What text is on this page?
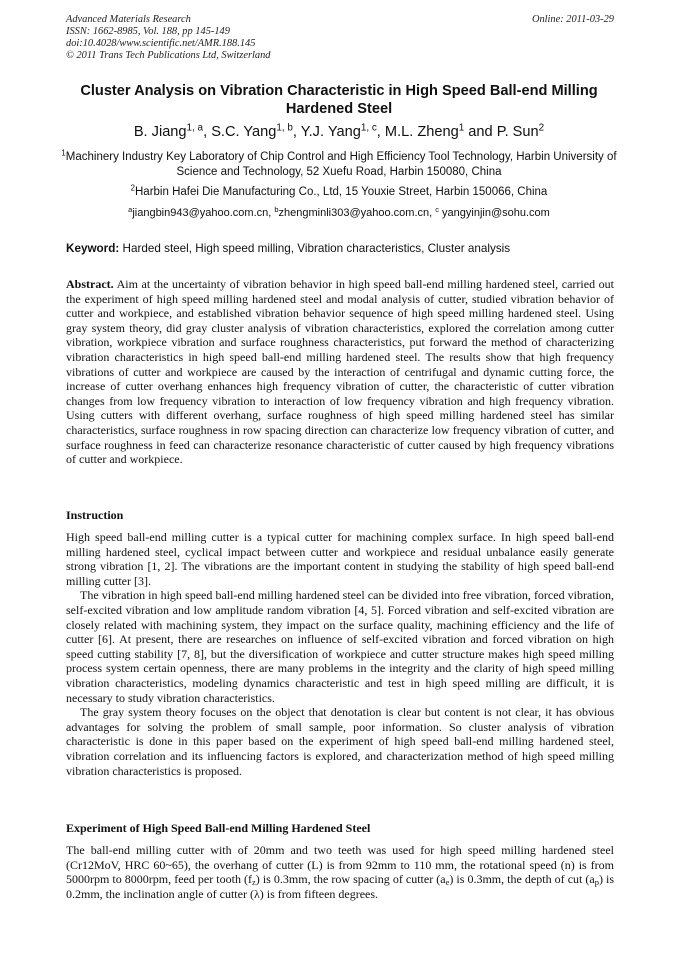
Advanced Materials Research
ISSN: 1662-8985, Vol. 188, pp 145-149
doi:10.4028/www.scientific.net/AMR.188.145
© 2011 Trans Tech Publications Ltd, Switzerland
Online: 2011-03-29
Cluster Analysis on Vibration Characteristic in High Speed Ball-end Milling Hardened Steel
B. Jiang$^{1, a}$, S.C. Yang$^{1, b}$, Y.J. Yang$^{1, c}$, M.L. Zheng$^1$ and P. Sun$^2$
$^1$Machinery Industry Key Laboratory of Chip Control and High Efficiency Tool Technology, Harbin University of Science and Technology, 52 Xuefu Road, Harbin 150080, China
$^2$Harbin Hafei Die Manufacturing Co., Ltd, 15 Youxie Street, Harbin 150066, China
$^a$jiangbin943@yahoo.com.cn, $^b$zhengminli303@yahoo.com.cn, $^c$ yangyinjin@sohu.com
Keyword: Harded steel, High speed milling, Vibration characteristics, Cluster analysis
Abstract. Aim at the uncertainty of vibration behavior in high speed ball-end milling hardened steel, carried out the experiment of high speed milling hardened steel and modal analysis of cutter, studied vibration behavior of cutter and workpiece, and established vibration behavior sequence of high speed milling hardened steel. Using gray system theory, did gray cluster analysis of vibration characteristics, explored the correlation among cutter vibration, workpiece vibration and surface roughness characteristics, put forward the method of characterizing vibration characteristics in high speed ball-end milling hardened steel. The results show that high frequency vibrations of cutter and workpiece are caused by the interaction of centrifugal and dynamic cutting force, the increase of cutter overhang enhances high frequency vibration of cutter, the characteristic of cutter vibration changes from low frequency vibration to interaction of low frequency vibration and high frequency vibration. Using cutters with different overhang, surface roughness of high speed milling hardened steel has similar characteristics, surface roughness in row spacing direction can characterize low frequency vibration of cutter, and surface roughness in feed can characterize resonance characteristic of cutter caused by high frequency vibrations of cutter and workpiece.
Instruction

High speed ball-end milling cutter is a typical cutter for machining complex surface. In high speed ball-end milling hardened steel, cyclical impact between cutter and workpiece and residual unbalance easily generate strong vibration [1, 2]. The vibrations are the important content in studying the stability of high speed ball-end milling cutter [3].

The vibration in high speed ball-end milling hardened steel can be divided into free vibration, forced vibration, self-excited vibration and low amplitude random vibration [4, 5]. Forced vibration and self-excited vibration are closely related with machining system, they impact on the surface quality, machining efficiency and the life of cutter [6]. At present, there are researches on influence of self-excited vibration and forced vibration on high speed cutting stability [7, 8], but the diversification of workpiece and cutter structure makes high speed milling process system certain openness, there are many problems in the integrity and the clarity of high speed milling vibration characteristics, modeling dynamics characteristic and test in high speed milling are difficult, it is necessary to study vibration characteristics.

The gray system theory focuses on the object that denotation is clear but content is not clear, it has obvious advantages for solving the problem of small sample, poor information. So cluster analysis of vibration characteristic is done in this paper based on the experiment of high speed ball-end milling hardened steel, vibration correlation and its influencing factors is explored, and characterization method of high speed milling vibration characteristics is proposed.

Experiment of High Speed Ball-end Milling Hardened Steel

The ball-end milling cutter with of 20mm and two teeth was used for high speed milling hardened steel (Cr12MoV, HRC 60~65), the overhang of cutter (L) is from 92mm to 110 mm, the rotational speed (n) is from 5000rpm to 8000rpm, feed per tooth $(f_z)$ is 0.3mm, the row spacing of cutter $(a_e)$ is 0.3mm, the depth of cut $(a_p)$ is 0.2mm, the inclination angle of cutter (λ) is from fifteen degrees.
